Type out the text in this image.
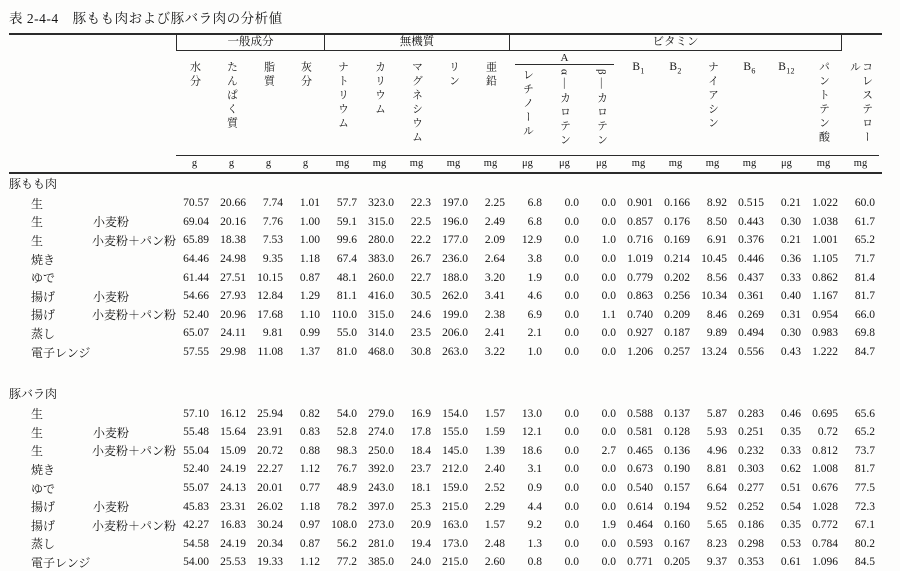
表 2-4-4　豚もも肉および豚バラ肉の分析値
一般成分	無機質	ビタミン
水分 たんぱく質 脂質 灰分 ナトリウム カリウム マグネシウム リン 亜鉛
A
レチノール α―カロテン β―カロテン
$B_1$ $B_2$ ナイアシン $B_6$ $B_{12}$ パントテン酸	コレステロール
g	g	g	g	mg	mg	mg	mg	mg	μg	μg	μg	mg	mg	mg	mg	μg	mg	mg
豚もも肉
生	70.57 20.66	7.74	1.01	57.7 323.0	22.3 197.0	2.25	6.8	0.0	0.0 0.901 0.166	8.92 0.515	0.21 1.022	60.0
生	小麦粉	69.04 20.16	7.76	1.00	59.1 315.0	22.5 196.0	2.49	6.8	0.0	0.0 0.857 0.176	8.50 0.443	0.30 1.038	61.7
生	小麦粉＋パン粉 65.89 18.38	7.53	1.00	99.6 280.0	22.2 177.0	2.09	12.9	0.0	1.0 0.716 0.169	6.91 0.376	0.21 1.001	65.2
焼き	64.46 24.98	9.35	1.18	67.4 383.0	26.7 236.0	2.64	3.8	0.0	0.0 1.019 0.214 10.45 0.446	0.36 1.105	71.7
ゆで	61.44 27.51 10.15	0.87	48.1 260.0	22.7 188.0	3.20	1.9	0.0	0.0 0.779 0.202	8.56 0.437	0.33 0.862	81.4
揚げ	小麦粉	54.66 27.93 12.84	1.29	81.1 416.0	30.5 262.0	3.41	4.6	0.0	0.0 0.863 0.256 10.34 0.361	0.40 1.167	81.7
揚げ	小麦粉＋パン粉 52.40 20.96 17.68	1.10	110.0 315.0	24.6 199.0	2.38	6.9	0.0	1.1 0.740 0.209	8.46 0.269	0.31 0.954	66.0
蒸し	65.07	24.11	9.81	0.99	55.0 314.0	23.5 206.0	2.41	2.1	0.0	0.0 0.927 0.187	9.89 0.494	0.30 0.983	69.8
電子レンジ	57.55 29.98	11.08	1.37	81.0 468.0	30.8 263.0	3.22	1.0	0.0	0.0 1.206 0.257 13.24 0.556	0.43 1.222	84.7
豚バラ肉
生	57.10 16.12 25.94	0.82	54.0 279.0	16.9 154.0	1.57	13.0	0.0	0.0 0.588 0.137	5.87 0.283	0.46 0.695	65.6
生	小麦粉	55.48 15.64 23.91	0.83	52.8 274.0	17.8 155.0	1.59	12.1	0.0	0.0 0.581 0.128	5.93 0.251	0.35	0.72	65.2
生	小麦粉＋パン粉 55.04 15.09 20.72	0.88	98.3 250.0	18.4 145.0	1.39	18.6	0.0	2.7 0.465 0.136	4.96 0.232	0.33 0.812	73.7
焼き	52.40 24.19 22.27	1.12	76.7 392.0	23.7 212.0	2.40	3.1	0.0	0.0 0.673 0.190	8.81 0.303	0.62 1.008	81.7
ゆで	55.07 24.13 20.01	0.77	48.9 243.0	18.1 159.0	2.52	0.9	0.0	0.0 0.540 0.157	6.64 0.277	0.51 0.676	77.5
揚げ	小麦粉	45.83 23.31 26.02	1.18	78.2 397.0	25.3 215.0	2.29	4.4	0.0	0.0 0.614 0.194	9.52 0.252	0.54 1.028	72.3
揚げ	小麦粉＋パン粉 42.27 16.83 30.24	0.97 108.0 273.0	20.9 163.0	1.57	9.2	0.0	1.9 0.464 0.160	5.65 0.186	0.35 0.772	67.1
蒸し	54.58 24.19 20.34	0.87	56.2 281.0	19.4 173.0	2.48	1.3	0.0	0.0 0.593 0.167	8.23 0.298	0.53 0.784	80.2
電子レンジ	54.00 25.53 19.33	1.12	77.2 385.0	24.0 215.0	2.60	0.8	0.0	0.0 0.771 0.205	9.37 0.353	0.61 1.096	84.5
